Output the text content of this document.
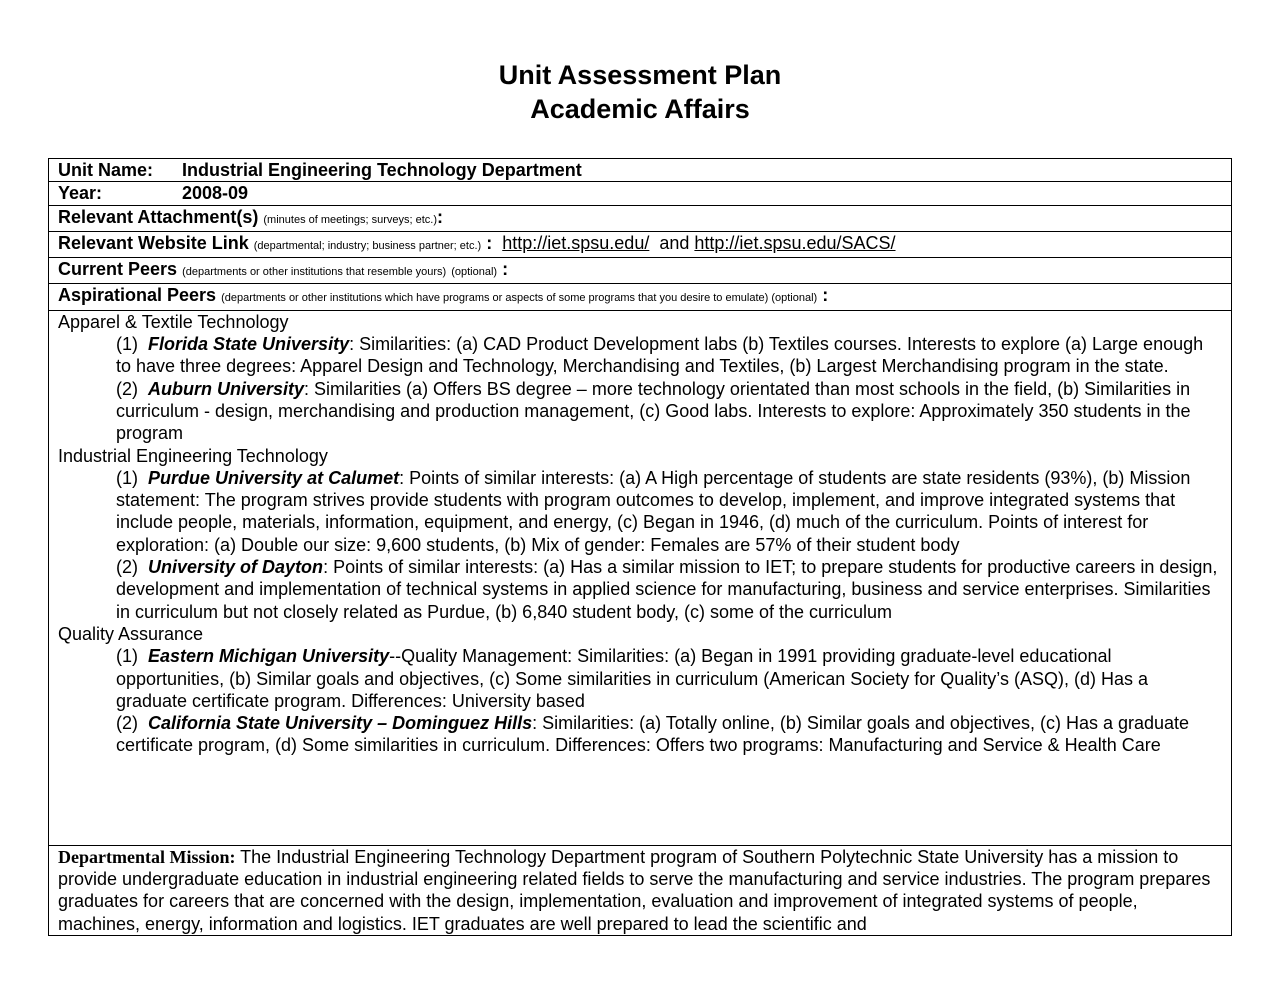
Unit Assessment Plan
Academic Affairs
Unit Name: Industrial Engineering Technology Department
Year:	2008-09
Relevant Attachment(s) (minutes of meetings; surveys; etc.):
Relevant Website Link (departmental; industry; business partner; etc.) : http://iet.spsu.edu/ and http://iet.spsu.edu/SACS/
Current Peers (departments or other institutions that resemble yours) (optional) :
Aspirational Peers (departments or other institutions which have programs or aspects of some programs that you desire to emulate) (optional) :

Apparel & Textile Technology
(1) Florida State University: Similarities: (a) CAD Product Development labs (b) Textiles courses. Interests to explore (a) Large enough to have three degrees: Apparel Design and Technology, Merchandising and Textiles, (b) Largest Merchandising program in the state.
(2) Auburn University: Similarities (a) Offers BS degree – more technology orientated than most schools in the field, (b) Similarities in curriculum - design, merchandising and production management, (c) Good labs. Interests to explore: Approximately 350 students in the program
Industrial Engineering Technology
(1) Purdue University at Calumet: Points of similar interests: (a) A High percentage of students are state residents (93%), (b) Mission statement: The program strives provide students with program outcomes to develop, implement, and improve integrated systems that include people, materials, information, equipment, and energy, (c) Began in 1946, (d) much of the curriculum. Points of interest for exploration: (a) Double our size: 9,600 students, (b) Mix of gender: Females are 57% of their student body
(2) University of Dayton: Points of similar interests: (a) Has a similar mission to IET; to prepare students for productive careers in design, development and implementation of technical systems in applied science for manufacturing, business and service enterprises. Similarities in curriculum but not closely related as Purdue, (b) 6,840 student body, (c) some of the curriculum
Quality Assurance
(1) Eastern Michigan University--Quality Management: Similarities: (a) Began in 1991 providing graduate-level educational opportunities, (b) Similar goals and objectives, (c) Some similarities in curriculum (American Society for Quality’s (ASQ), (d) Has a graduate certificate program. Differences: University based
(2) California State University – Dominguez Hills: Similarities: (a) Totally online, (b) Similar goals and objectives, (c) Has a graduate certificate program, (d) Some similarities in curriculum. Differences: Offers two programs: Manufacturing and Service & Health Care

Departmental Mission: The Industrial Engineering Technology Department program of Southern Polytechnic State University has a mission to provide undergraduate education in industrial engineering related fields to serve the manufacturing and service industries. The program prepares graduates for careers that are concerned with the design, implementation, evaluation and improvement of integrated systems of people, machines, energy, information and logistics. IET graduates are well prepared to lead the scientific and
